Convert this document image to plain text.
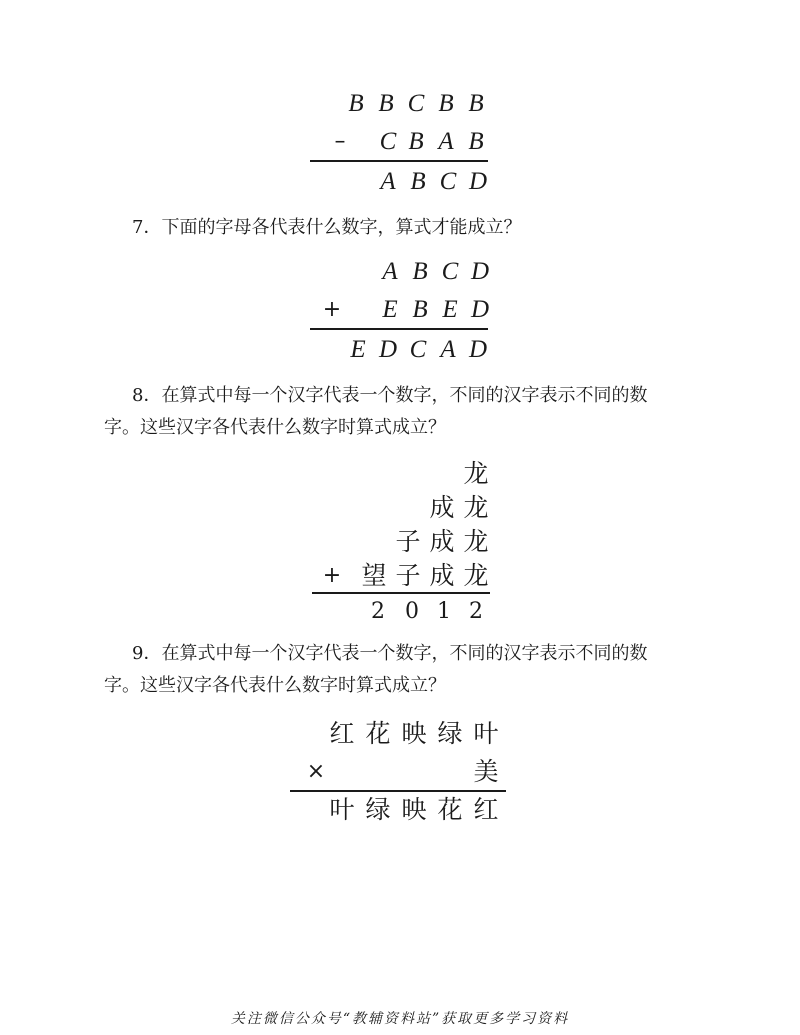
B B C B B
–	C B A B
A B C D
7．下面的字母各代表什么数字，算式才能成立？
A B C D
+	E B E D
E D C A D
8．在算式中每一个汉字代表一个数字，不同的汉字表示不同的数
字。这些汉字各代表什么数字时算式成立？
龙
成 龙
子 成 龙
+ 望 子 成 龙
2 0 1 2
9．在算式中每一个汉字代表一个数字，不同的汉字表示不同的数
字。这些汉字各代表什么数字时算式成立？
红 花 映 绿 叶
×	美
叶 绿 映 花 红
关注微信公众号“教辅资料站”获取更多学习资料
